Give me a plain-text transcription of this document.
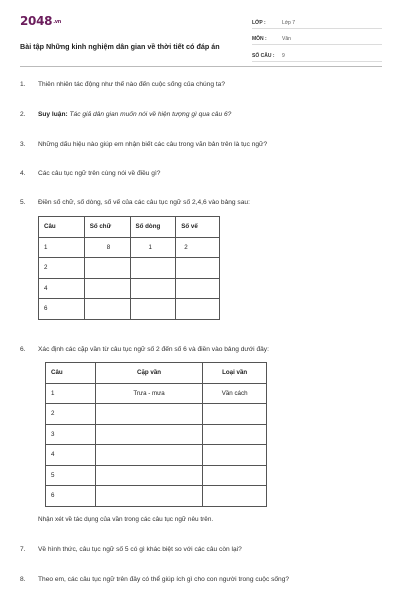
2048.vn
Bài tập Những kinh nghiệm dân gian về thời tiết có đáp án
LỚP :	Lớp 7
MÔN :	Văn
SỐ CÂU :	9
1.	Thiên nhiên tác động như thế nào đến cuộc sống của chúng ta?
2.	Suy luận: Tác giả dân gian muốn nói về hiện tượng gì qua câu 6?
3.	Những dấu hiệu nào giúp em nhận biết các câu trong văn bản trên là tục ngữ?
4.	Các câu tục ngữ trên cùng nói về điều gì?
5.	Điền số chữ, số dòng, số vế của các câu tục ngữ số 2,4,6 vào bảng sau:
Câu	Số chữ	Số dòng	Số vế
1	8	1	2
2			
4			
6			
6.	Xác định các cặp vần từ câu tục ngữ số 2 đến số 6 và điền vào bảng dưới đây:
Câu	Cặp vần	Loại vần
1	Trưa - mưa	Vần cách
2		
3		
4		
5		
6		
Nhận xét về tác dụng của vần trong các câu tục ngữ nêu trên.
7.	Về hình thức, câu tục ngữ số 5 có gì khác biệt so với các câu còn lại?
8.	Theo em, các câu tục ngữ trên đây có thể giúp ích gì cho con người trong cuộc sống?
